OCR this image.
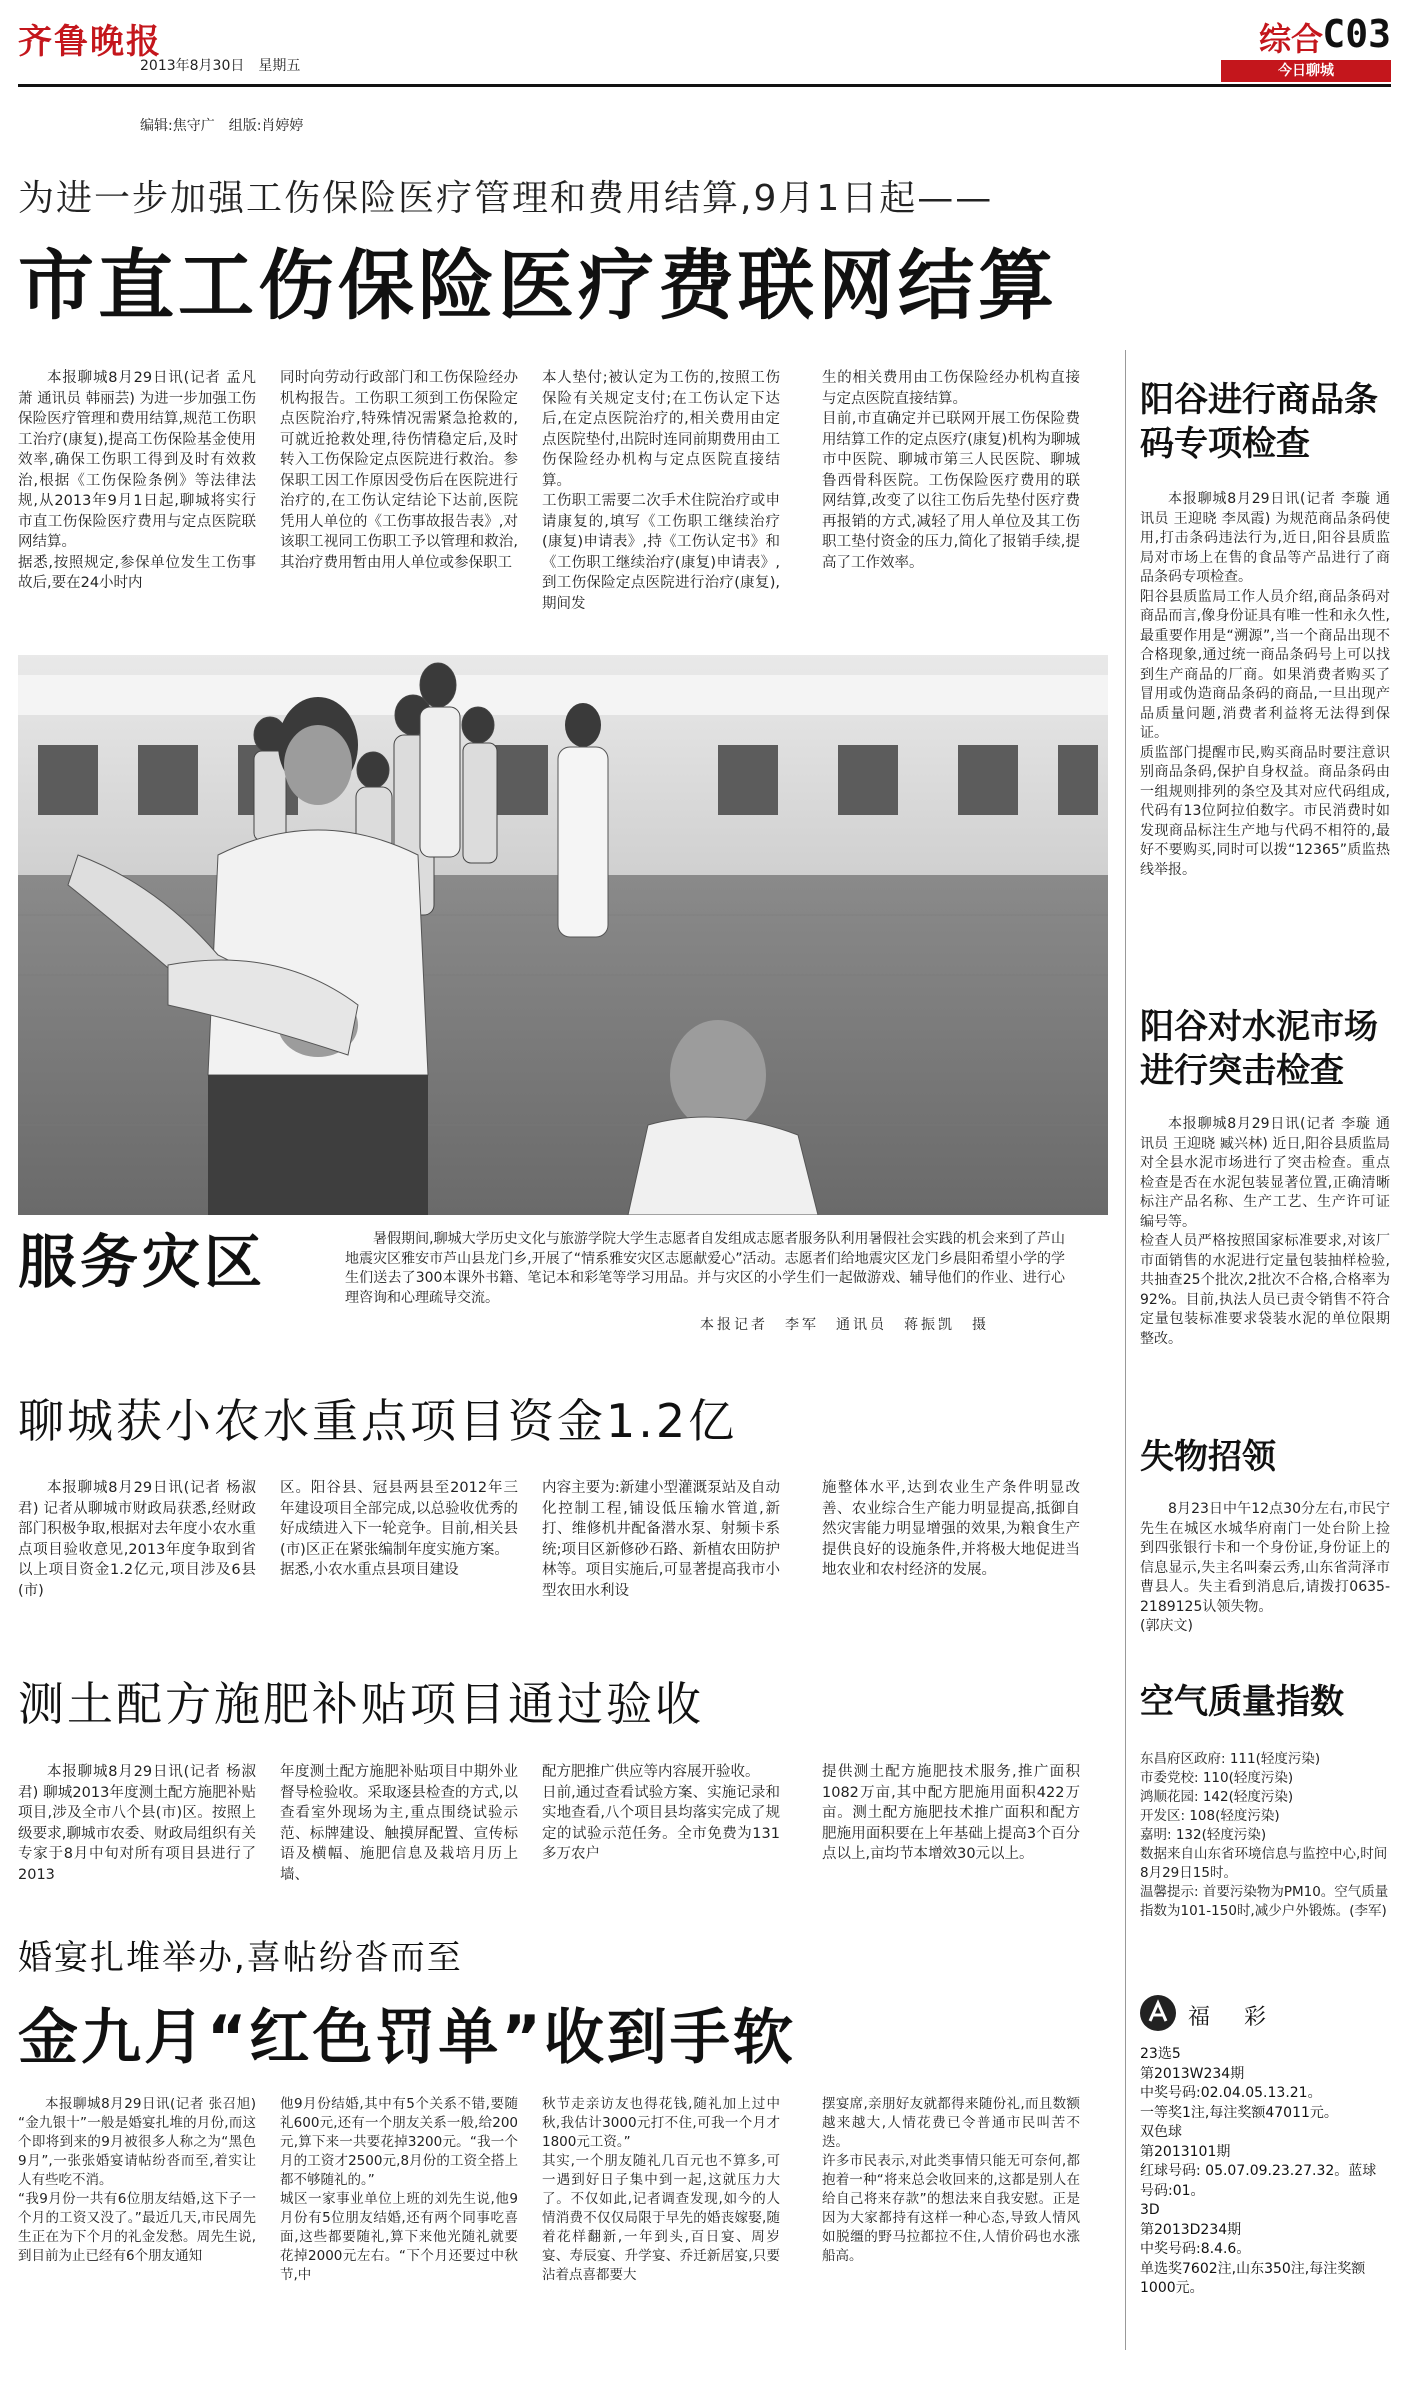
齐鲁晚报

2013年8月30日　星期五

编辑:焦守广　组版:肖婷婷

综合 C03
今日聊城
为进一步加强工伤保险医疗管理和费用结算,9月1日起——
市直工伤保险医疗费联网结算
本报聊城8月29日讯(记者 孟凡萧 通讯员 韩丽芸) 为进一步加强工伤保险医疗管理和费用结算,规范工伤职工治疗(康复),提高工伤保险基金使用效率,确保工伤职工得到及时有效救治,根据《工伤保险条例》等法律法规,从2013年9月1日起,聊城将实行市直工伤保险医疗费用与定点医院联网结算。
据悉,按照规定,参保单位发生工伤事故后,要在24小时内
同时向劳动行政部门和工伤保险经办机构报告。工伤职工须到工伤保险定点医院治疗,特殊情况需紧急抢救的,可就近抢救处理,待伤情稳定后,及时转入工伤保险定点医院进行救治。参保职工因工作原因受伤后在医院进行治疗的,在工伤认定结论下达前,医院凭用人单位的《工伤事故报告表》,对该职工视同工伤职工予以管理和救治,其治疗费用暂由用人单位或参保职工
本人垫付;被认定为工伤的,按照工伤保险有关规定支付;在工伤认定下达后,在定点医院治疗的,相关费用由定点医院垫付,出院时连同前期费用由工伤保险经办机构与定点医院直接结算。
工伤职工需要二次手术住院治疗或申请康复的,填写《工伤职工继续治疗(康复)申请表》,持《工伤认定书》和《工伤职工继续治疗(康复)申请表》,到工伤保险定点医院进行治疗(康复),期间发
生的相关费用由工伤保险经办机构直接与定点医院直接结算。
目前,市直确定并已联网开展工伤保险费用结算工作的定点医疗(康复)机构为聊城市中医院、聊城市第三人民医院、聊城鲁西骨科医院。工伤保险医疗费用的联网结算,改变了以往工伤后先垫付医疗费再报销的方式,减轻了用人单位及其工伤职工垫付资金的压力,简化了报销手续,提高了工作效率。
服务灾区	暑假期间,聊城大学历史文化与旅游学院大学生志愿者自发组成志愿者服务队利用暑假社会实践的机会来到了芦山地震灾区雅安市芦山县龙门乡,开展了“情系雅安灾区志愿献爱心”活动。志愿者们给地震灾区龙门乡晨阳希望小学的学生们送去了300本课外书籍、笔记本和彩笔等学习用品。并与灾区的小学生们一起做游戏、辅导他们的作业、进行心理咨询和心理疏导交流。
本报记者　李军　通讯员　蒋振凯　摄
聊城获小农水重点项目资金1.2亿
本报聊城8月29日讯(记者 杨淑君) 记者从聊城市财政局获悉,经财政部门积极争取,根据对去年度小农水重点项目验收意见,2013年度争取到省以上项目资金1.2亿元,项目涉及6县(市)
区。阳谷县、冠县两县至2012年三年建设项目全部完成,以总验收优秀的好成绩进入下一轮竞争。目前,相关县(市)区正在紧张编制年度实施方案。
据悉,小农水重点县项目建设
内容主要为:新建小型灌溉泵站及自动化控制工程,铺设低压输水管道,新打、维修机井配备潜水泵、射频卡系统;项目区新修砂石路、新植农田防护林等。项目实施后,可显著提高我市小型农田水利设
施整体水平,达到农业生产条件明显改善、农业综合生产能力明显提高,抵御自然灾害能力明显增强的效果,为粮食生产提供良好的设施条件,并将极大地促进当地农业和农村经济的发展。
测土配方施肥补贴项目通过验收
本报聊城8月29日讯(记者 杨淑君) 聊城2013年度测土配方施肥补贴项目,涉及全市八个县(市)区。按照上级要求,聊城市农委、财政局组织有关专家于8月中旬对所有项目县进行了2013
年度测土配方施肥补贴项目中期外业督导检验收。采取逐县检查的方式,以查看室外现场为主,重点围绕试验示范、标牌建设、触摸屏配置、宣传标语及横幅、施肥信息及栽培月历上墙、
配方肥推广供应等内容展开验收。
日前,通过查看试验方案、实施记录和实地查看,八个项目县均落实完成了规定的试验示范任务。全市免费为131多万农户
提供测土配方施肥技术服务,推广面积1082万亩,其中配方肥施用面积422万亩。测土配方施肥技术推广面积和配方肥施用面积要在上年基础上提高3个百分点以上,亩均节本增效30元以上。
婚宴扎堆举办,喜帖纷沓而至
金九月“红色罚单”收到手软
本报聊城8月29日讯(记者 张召旭) “金九银十”一般是婚宴扎堆的月份,而这个即将到来的9月被很多人称之为“黑色9月”,一张张婚宴请帖纷沓而至,着实让人有些吃不消。
“我9月份一共有6位朋友结婚,这下子一个月的工资又没了。”最近几天,市民周先生正在为下个月的礼金发愁。周先生说,到目前为止已经有6个朋友通知
他9月份结婚,其中有5个关系不错,要随礼600元,还有一个朋友关系一般,给200元,算下来一共要花掉3200元。“我一个月的工资才2500元,8月份的工资全搭上都不够随礼的。”
城区一家事业单位上班的刘先生说,他9月份有5位朋友结婚,还有两个同事吃喜面,这些都要随礼,算下来他光随礼就要花掉2000元左右。“下个月还要过中秋节,中
秋节走亲访友也得花钱,随礼加上过中秋,我估计3000元打不住,可我一个月才1800元工资。”
其实,一个朋友随礼几百元也不算多,可一遇到好日子集中到一起,这就压力大了。不仅如此,记者调查发现,如今的人情消费不仅仅局限于早先的婚丧嫁娶,随着花样翻新,一年到头,百日宴、周岁宴、寿辰宴、升学宴、乔迁新居宴,只要沾着点喜都要大
摆宴席,亲朋好友就都得来随份礼,而且数额越来越大,人情花费已令普通市民叫苦不迭。
许多市民表示,对此类事情只能无可奈何,都抱着一种“将来总会收回来的,这都是别人在给自己将来存款”的想法来自我安慰。正是因为大家都持有这样一种心态,导致人情风如脱缰的野马拉都拉不住,人情价码也水涨船高。
阳谷进行商品条码专项检查
本报聊城8月29日讯(记者 李璇 通讯员 王迎晓 李凤霞) 为规范商品条码使用,打击条码违法行为,近日,阳谷县质监局对市场上在售的食品等产品进行了商品条码专项检查。
阳谷县质监局工作人员介绍,商品条码对商品而言,像身份证具有唯一性和永久性,最重要作用是“溯源”,当一个商品出现不合格现象,通过统一商品条码号上可以找到生产商品的厂商。如果消费者购买了冒用或伪造商品条码的商品,一旦出现产品质量问题,消费者利益将无法得到保证。
质监部门提醒市民,购买商品时要注意识别商品条码,保护自身权益。商品条码由一组规则排列的条空及其对应代码组成,代码有13位阿拉伯数字。市民消费时如发现商品标注生产地与代码不相符的,最好不要购买,同时可以拨“12365”质监热线举报。
阳谷对水泥市场进行突击检查
本报聊城8月29日讯(记者 李璇 通讯员 王迎晓 臧兴林) 近日,阳谷县质监局对全县水泥市场进行了突击检查。重点检查是否在水泥包装显著位置,正确清晰标注产品名称、生产工艺、生产许可证编号等。
检查人员严格按照国家标准要求,对该厂市面销售的水泥进行定量包装抽样检验,共抽查25个批次,2批次不合格,合格率为92%。目前,执法人员已责令销售不符合定量包装标准要求袋装水泥的单位限期整改。
失物招领
8月23日中午12点30分左右,市民宁先生在城区水城华府南门一处台阶上捡到四张银行卡和一个身份证,身份证上的信息显示,失主名叫秦云秀,山东省菏泽市曹县人。失主看到消息后,请拨打0635-2189125认领失物。
(郭庆文)
空气质量指数
东昌府区政府: 111(轻度污染)
市委党校: 110(轻度污染)
鸿顺花园: 142(轻度污染)
开发区: 108(轻度污染)
嘉明: 132(轻度污染)
数据来自山东省环境信息与监控中心,时间8月29日15时。
温馨提示: 首要污染物为PM10。空气质量指数为101-150时,减少户外锻炼。(李军)
福　彩
23选5
第2013W234期
中奖号码:02.04.05.13.21。
一等奖1注,每注奖额47011元。
双色球
第2013101期
红球号码: 05.07.09.23.27.32。蓝球号码:01。
3D
第2013D234期
中奖号码:8.4.6。
单选奖7602注,山东350注,每注奖额1000元。
